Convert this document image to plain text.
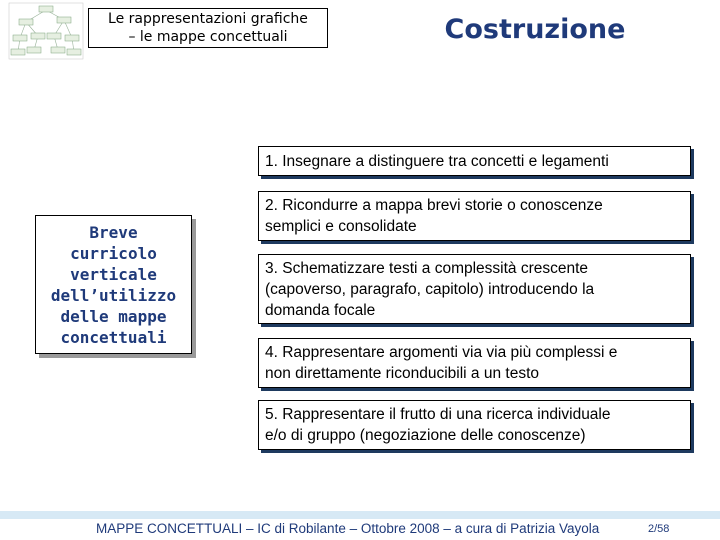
Le rappresentazioni grafiche
– le mappe concettuali	Costruzione
Breve
curricolo
verticale
dell’utilizzo
delle mappe
concettuali
1. Insegnare a distinguere tra concetti e legamenti
2. Ricondurre a mappa brevi storie o conoscenze
semplici e consolidate
3. Schematizzare testi a complessità crescente
(capoverso, paragrafo, capitolo) introducendo la
domanda focale
4. Rappresentare argomenti via via più complessi e
non direttamente riconducibili a un testo
5. Rappresentare il frutto di una ricerca individuale
e/o di gruppo (negoziazione delle conoscenze)
MAPPE CONCETTUALI – IC di Robilante – Ottobre 2008 – a cura di Patrizia Vayola	2/58
